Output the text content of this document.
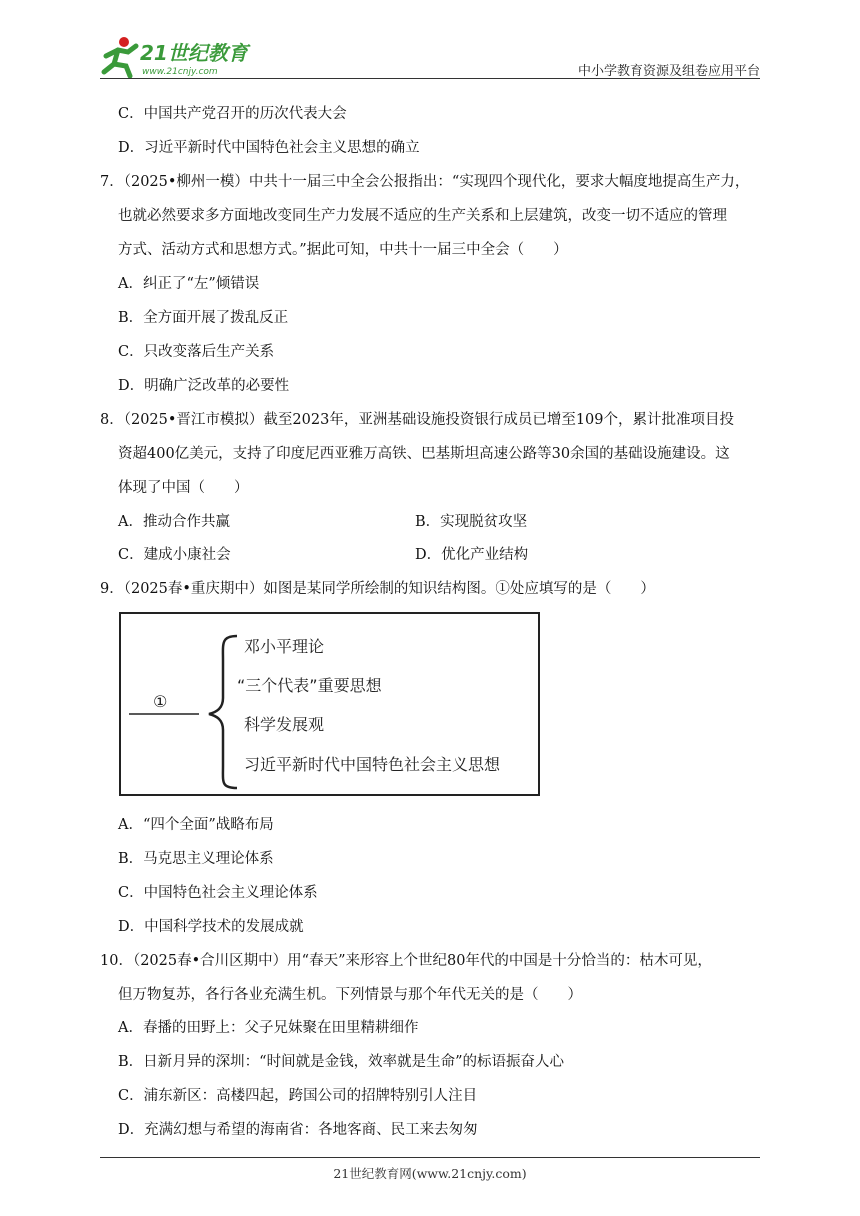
21世纪教育
www.21cnjy.com	中小学教育资源及组卷应用平台
C．中国共产党召开的历次代表大会
D．习近平新时代中国特色社会主义思想的确立
7．（2025•柳州一模）中共十一届三中全会公报指出：“实现四个现代化，要求大幅度地提高生产力，
也就必然要求多方面地改变同生产力发展不适应的生产关系和上层建筑，改变一切不适应的管理
方式、活动方式和思想方式。”据此可知，中共十一届三中全会（　　）
A．纠正了“左”倾错误
B．全方面开展了拨乱反正
C．只改变落后生产关系
D．明确广泛改革的必要性
8．（2025•晋江市模拟）截至2023年，亚洲基础设施投资银行成员已增至109个，累计批准项目投
资超400亿美元，支持了印度尼西亚雅万高铁、巴基斯坦高速公路等30余国的基础设施建设。这
体现了中国（　　）
A．推动合作共赢	B．实现脱贫攻坚
C．建成小康社会	D．优化产业结构
9．（2025春•重庆期中）如图是某同学所绘制的知识结构图。①处应填写的是（　　）
①
邓小平理论
“三个代表”重要思想
科学发展观
习近平新时代中国特色社会主义思想
A．“四个全面”战略布局
B．马克思主义理论体系
C．中国特色社会主义理论体系
D．中国科学技术的发展成就
10．（2025春•合川区期中）用“春天”来形容上个世纪80年代的中国是十分恰当的：枯木可见，
但万物复苏，各行各业充满生机。下列情景与那个年代无关的是（　　）
A．春播的田野上：父子兄妹聚在田里精耕细作
B．日新月异的深圳：“时间就是金钱，效率就是生命”的标语振奋人心
C．浦东新区：高楼四起，跨国公司的招牌特别引人注目
D．充满幻想与希望的海南省：各地客商、民工来去匆匆
21世纪教育网(www.21cnjy.com)
